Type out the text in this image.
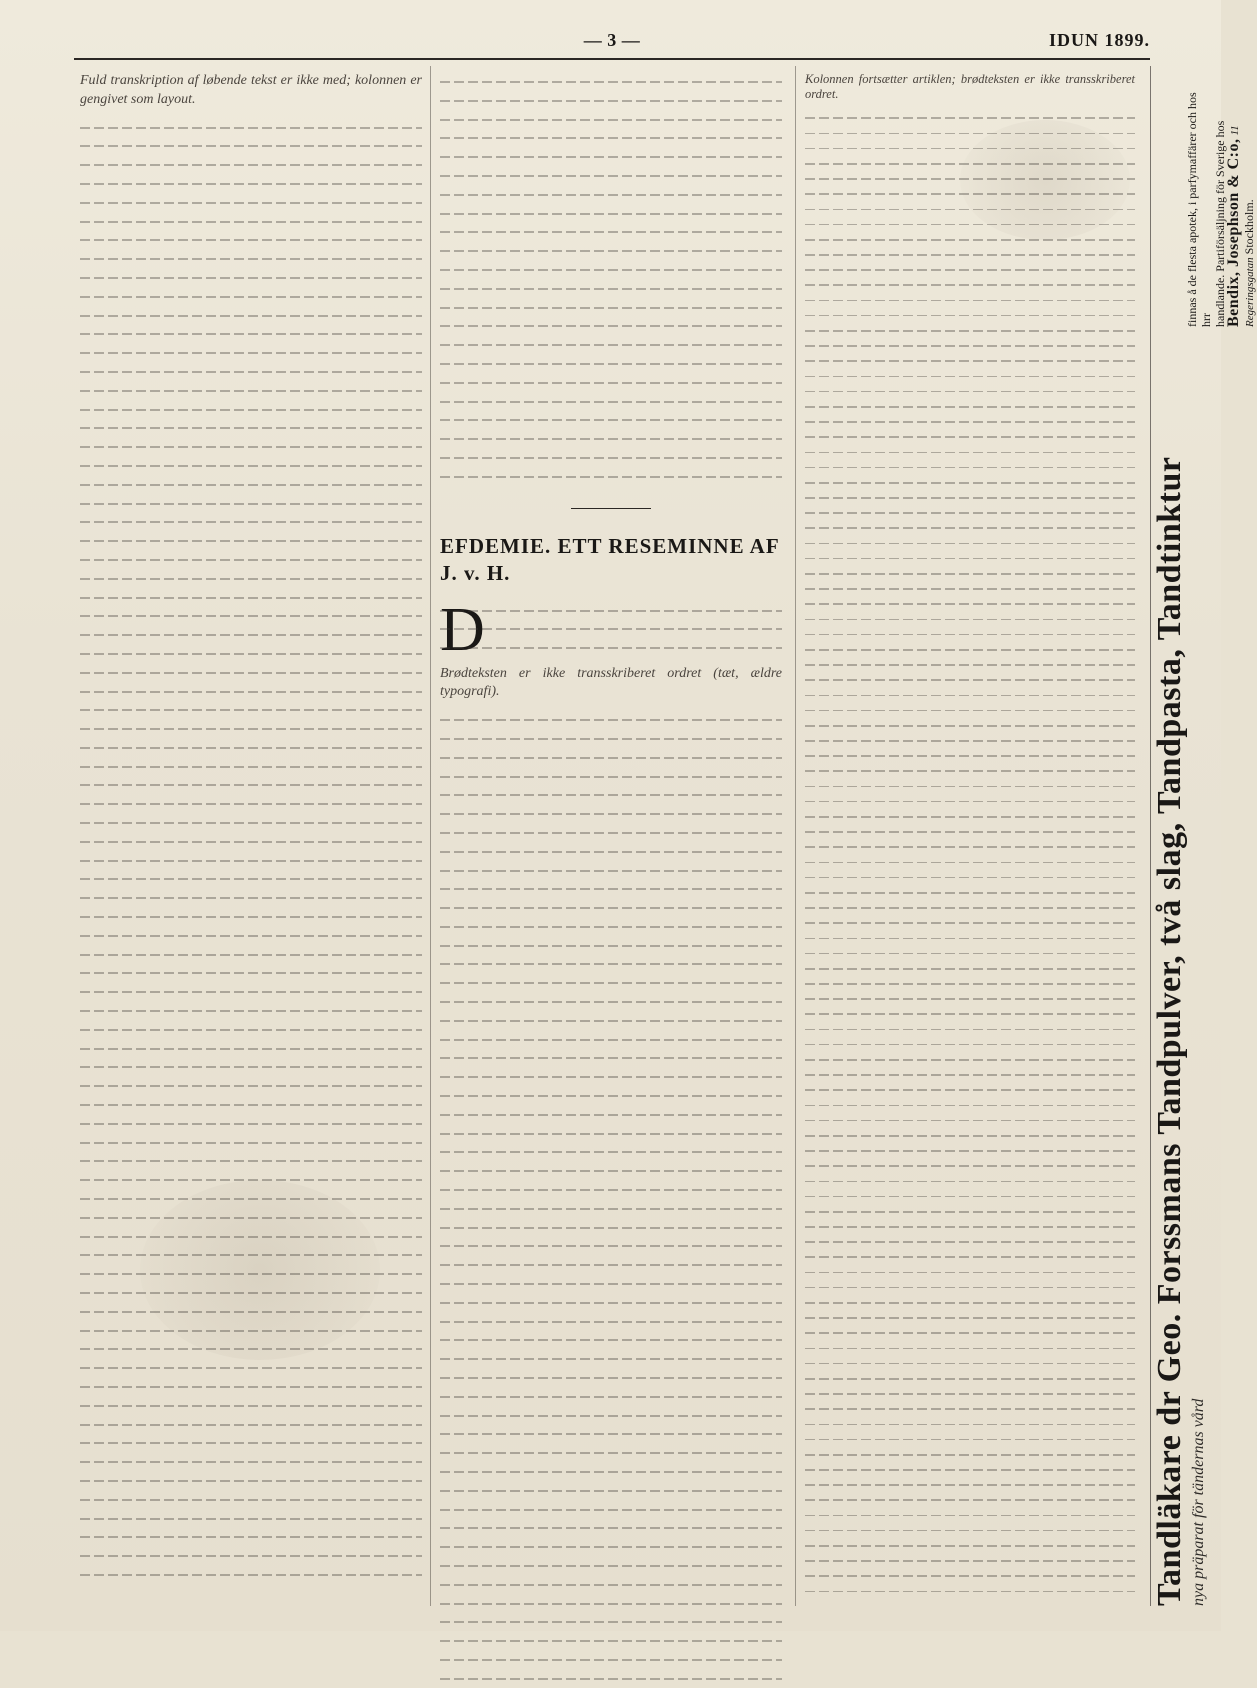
— 3 —	IDUN 1899.

Fuld transkription af løbende tekst er ikke med; kolonnen er gengivet som layout.

EFDEMIE. ETT RESEMINNE AF J. v. H.
D

Brødteksten er ikke transskriberet ordret (tæt, ældre typografi).

Kolonnen fortsætter artiklen; brødteksten er ikke transskriberet ordret.	finnas å de flesta apotek, i parfymaffärer och hos hrr handlande. Partiförsäljning för Sverige hos
Bendix, Josephson & C:o, 11 Regeringsgatan Stockholm.
Tandläkare dr Geo. Forssmans Tandpulver, två slag, Tandpasta, Tandtinktur nya präparat för tändernas vård
